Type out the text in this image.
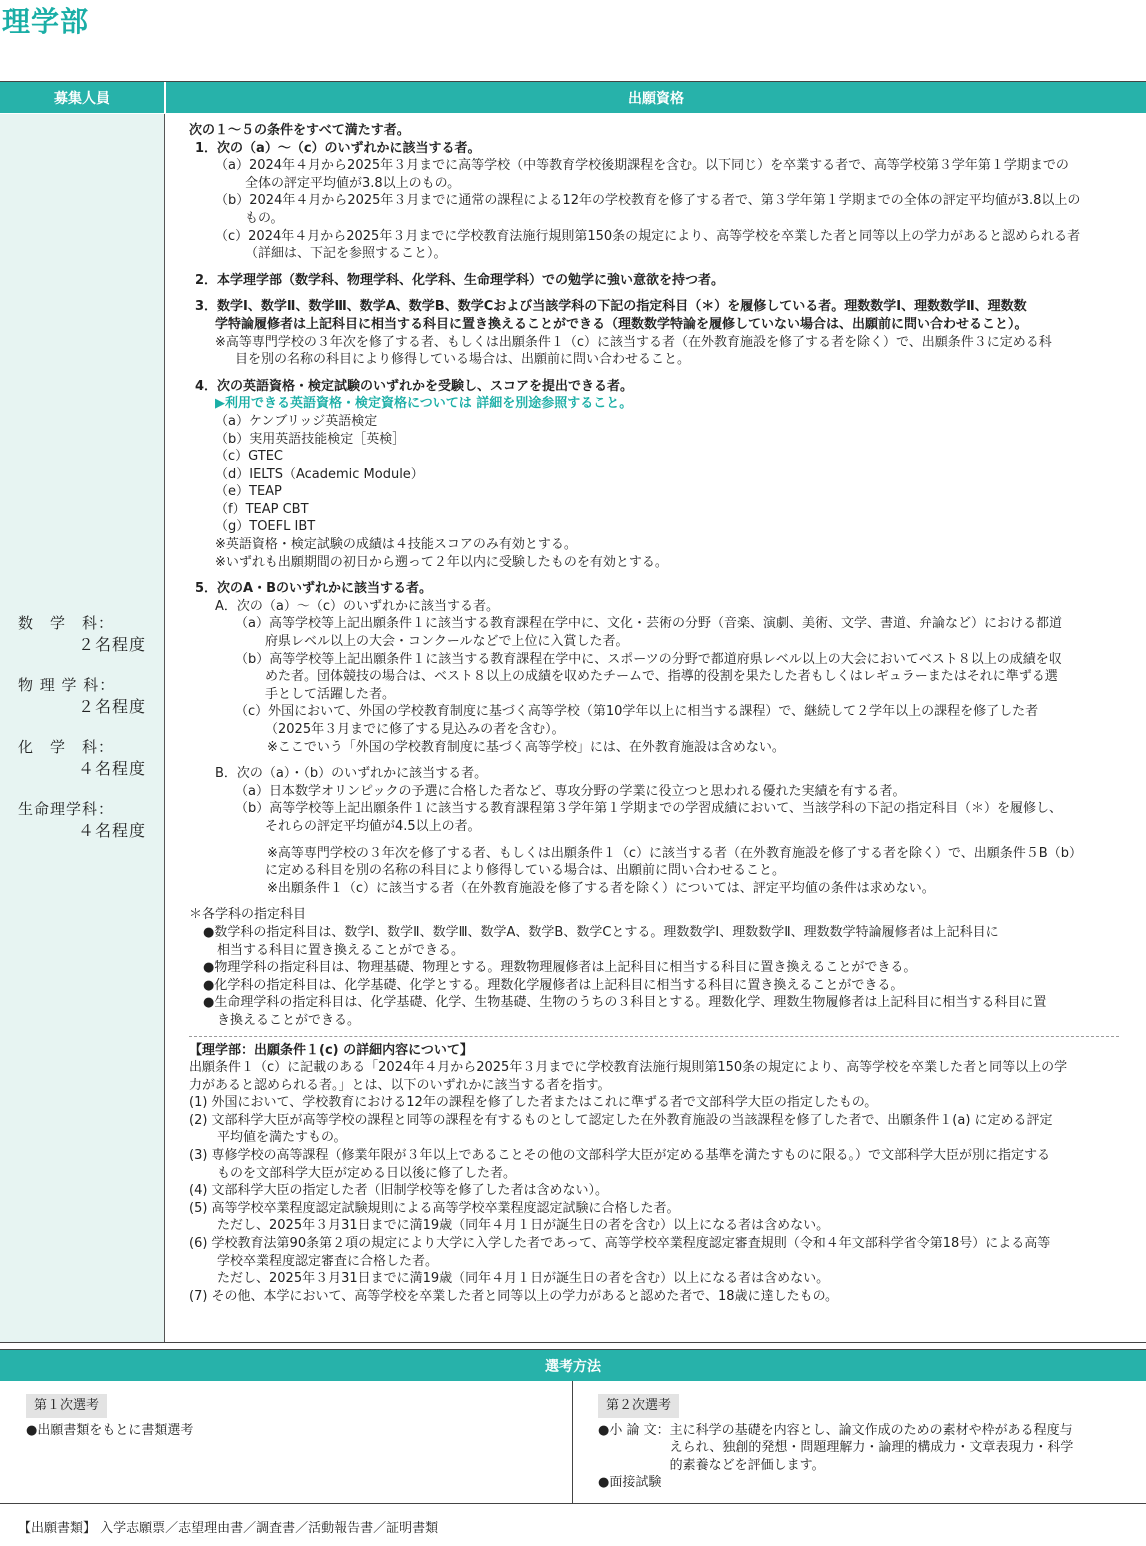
理学部
募集人員	出願資格
数　学　科：
２名程度
物 理 学 科：
２名程度
化　学　科：
４名程度
生命理学科：
４名程度
次の１～５の条件をすべて満たす者。
1．次の（a）～（c）のいずれかに該当する者。
（a）2024年４月から2025年３月までに高等学校（中等教育学校後期課程を含む。以下同じ）を卒業する者で、高等学校第３学年第１学期までの
全体の評定平均値が3.8以上のもの。
（b）2024年４月から2025年３月までに通常の課程による12年の学校教育を修了する者で、第３学年第１学期までの全体の評定平均値が3.8以上の
もの。
（c）2024年４月から2025年３月までに学校教育法施行規則第150条の規定により、高等学校を卒業した者と同等以上の学力があると認められる者
（詳細は、下記を参照すること）。
2．本学理学部（数学科、物理学科、化学科、生命理学科）での勉学に強い意欲を持つ者。
3．数学Ⅰ、数学Ⅱ、数学Ⅲ、数学A、数学B、数学Cおよび当該学科の下記の指定科目（＊）を履修している者。理数数学Ⅰ、理数数学Ⅱ、理数数
学特論履修者は上記科目に相当する科目に置き換えることができる（理数数学特論を履修していない場合は、出願前に問い合わせること）。
※高等専門学校の３年次を修了する者、もしくは出願条件１（c）に該当する者（在外教育施設を修了する者を除く）で、出願条件３に定める科
目を別の名称の科目により修得している場合は、出願前に問い合わせること。
4．次の英語資格・検定試験のいずれかを受験し、スコアを提出できる者。
▶利用できる英語資格・検定資格については 詳細を別途参照すること。
（a）ケンブリッジ英語検定
（b）実用英語技能検定［英検］
（c）GTEC
（d）IELTS（Academic Module）
（e）TEAP
（f）TEAP CBT
（g）TOEFL IBT
※英語資格・検定試験の成績は４技能スコアのみ有効とする。
※いずれも出願期間の初日から遡って２年以内に受験したものを有効とする。
5．次のA・Bのいずれかに該当する者。
A．次の（a）～（c）のいずれかに該当する者。
（a）高等学校等上記出願条件１に該当する教育課程在学中に、文化・芸術の分野（音楽、演劇、美術、文学、書道、弁論など）における都道
府県レベル以上の大会・コンクールなどで上位に入賞した者。
（b）高等学校等上記出願条件１に該当する教育課程在学中に、スポーツの分野で都道府県レベル以上の大会においてベスト８以上の成績を収
めた者。団体競技の場合は、ベスト８以上の成績を収めたチームで、指導的役割を果たした者もしくはレギュラーまたはそれに準ずる選
手として活躍した者。
（c）外国において、外国の学校教育制度に基づく高等学校（第10学年以上に相当する課程）で、継続して２学年以上の課程を修了した者
（2025年３月までに修了する見込みの者を含む）。
※ここでいう「外国の学校教育制度に基づく高等学校」には、在外教育施設は含めない。
B．次の（a）・（b）のいずれかに該当する者。
（a）日本数学オリンピックの予選に合格した者など、専攻分野の学業に役立つと思われる優れた実績を有する者。
（b）高等学校等上記出願条件１に該当する教育課程第３学年第１学期までの学習成績において、当該学科の下記の指定科目（＊）を履修し、
それらの評定平均値が4.5以上の者。
※高等専門学校の３年次を修了する者、もしくは出願条件１（c）に該当する者（在外教育施設を修了する者を除く）で、出願条件５B（b）
に定める科目を別の名称の科目により修得している場合は、出願前に問い合わせること。
※出願条件１（c）に該当する者（在外教育施設を修了する者を除く）については、評定平均値の条件は求めない。
＊各学科の指定科目
●数学科の指定科目は、数学Ⅰ、数学Ⅱ、数学Ⅲ、数学A、数学B、数学Cとする。理数数学Ⅰ、理数数学Ⅱ、理数数学特論履修者は上記科目に
相当する科目に置き換えることができる。
●物理学科の指定科目は、物理基礎、物理とする。理数物理履修者は上記科目に相当する科目に置き換えることができる。
●化学科の指定科目は、化学基礎、化学とする。理数化学履修者は上記科目に相当する科目に置き換えることができる。
●生命理学科の指定科目は、化学基礎、化学、生物基礎、生物のうちの３科目とする。理数化学、理数生物履修者は上記科目に相当する科目に置
き換えることができる。
【理学部：出願条件１(c) の詳細内容について】
出願条件１（c）に記載のある「2024年４月から2025年３月までに学校教育法施行規則第150条の規定により、高等学校を卒業した者と同等以上の学
力があると認められる者。」とは、以下のいずれかに該当する者を指す。
(1) 外国において、学校教育における12年の課程を修了した者またはこれに準ずる者で文部科学大臣の指定したもの。
(2) 文部科学大臣が高等学校の課程と同等の課程を有するものとして認定した在外教育施設の当該課程を修了した者で、出願条件１(a) に定める評定
平均値を満たすもの。
(3) 専修学校の高等課程（修業年限が３年以上であることその他の文部科学大臣が定める基準を満たすものに限る。）で文部科学大臣が別に指定する
ものを文部科学大臣が定める日以後に修了した者。
(4) 文部科学大臣の指定した者（旧制学校等を修了した者は含めない）。
(5) 高等学校卒業程度認定試験規則による高等学校卒業程度認定試験に合格した者。
ただし、2025年３月31日までに満19歳（同年４月１日が誕生日の者を含む）以上になる者は含めない。
(6) 学校教育法第90条第２項の規定により大学に入学した者であって、高等学校卒業程度認定審査規則（令和４年文部科学省令第18号）による高等
学校卒業程度認定審査に合格した者。
ただし、2025年３月31日までに満19歳（同年４月１日が誕生日の者を含む）以上になる者は含めない。
(7) その他、本学において、高等学校を卒業した者と同等以上の学力があると認めた者で、18歳に達したもの。
選考方法
第１次選考
●出願書類をもとに書類選考
第２次選考
●小 論 文： 主に科学の基礎を内容とし、論文作成のための素材や枠がある程度与
えられ、独創的発想・問題理解力・論理的構成力・文章表現力・科学
的素養などを評価します。
●面接試験
【出願書類】 入学志願票／志望理由書／調査書／活動報告書／証明書類
